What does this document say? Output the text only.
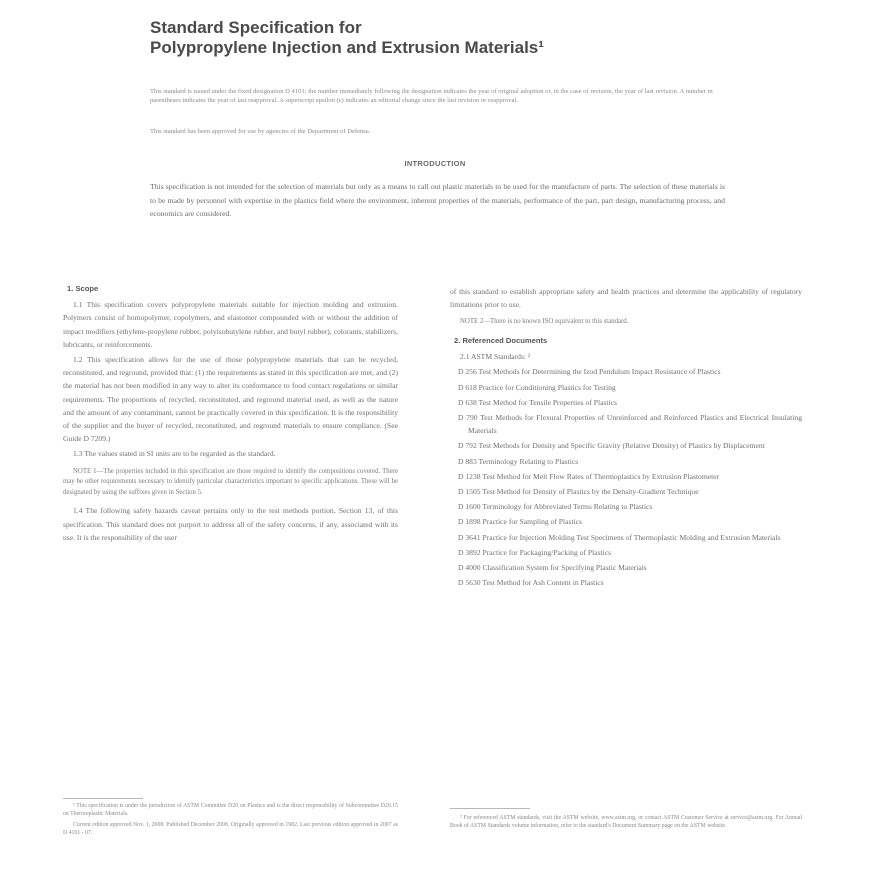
Standard Specification for
Polypropylene Injection and Extrusion Materials¹
This standard is issued under the fixed designation D 4101; the number immediately following the designation indicates the year of original adoption or, in the case of revision, the year of last revision. A number in parentheses indicates the year of last reapproval. A superscript epsilon (ε) indicates an editorial change since the last revision or reapproval.
This standard has been approved for use by agencies of the Department of Defense.
INTRODUCTION
This specification is not intended for the selection of materials but only as a means to call out plastic materials to be used for the manufacture of parts. The selection of these materials is to be made by personnel with expertise in the plastics field where the environment, inherent properties of the materials, performance of the part, part design, manufacturing process, and economics are considered.
1. Scope

1.1 This specification covers polypropylene materials suitable for injection molding and extrusion. Polymers consist of homopolymer, copolymers, and elastomer compounded with or without the addition of impact modifiers (ethylene-propylene rubber, polyisobutylene rubber, and butyl rubber), colorants, stabilizers, lubricants, or reinforcements.

1.2 This specification allows for the use of those polypropylene materials that can be recycled, reconstituted, and reground, provided that: (1) the requirements as stated in this specification are met, and (2) the material has not been modified in any way to alter its conformance to food contact regulations or similar requirements. The proportions of recycled, reconstituted, and reground material used, as well as the nature and the amount of any contaminant, cannot be practically covered in this specification. It is the responsibility of the supplier and the buyer of recycled, reconstituted, and reground materials to ensure compliance. (See Guide D 7209.)

1.3 The values stated in SI units are to be regarded as the standard.

NOTE 1—The properties included in this specification are those required to identify the compositions covered. There may be other requirements necessary to identify particular characteristics important to specific applications. These will be designated by using the suffixes given in Section 5.

1.4 The following safety hazards caveat pertains only to the test methods portion, Section 13, of this specification. This standard does not purport to address all of the safety concerns, if any, associated with its use. It is the responsibility of the user

of this standard to establish appropriate safety and health practices and determine the applicability of regulatory limitations prior to use.

NOTE 2—There is no known ISO equivalent to this standard.

2. Referenced Documents

2.1 ASTM Standards: ²

D 256 Test Methods for Determining the Izod Pendulum Impact Resistance of Plastics

D 618 Practice for Conditioning Plastics for Testing

D 638 Test Method for Tensile Properties of Plastics

D 790 Test Methods for Flexural Properties of Unreinforced and Reinforced Plastics and Electrical Insulating Materials

D 792 Test Methods for Density and Specific Gravity (Relative Density) of Plastics by Displacement

D 883 Terminology Relating to Plastics

D 1238 Test Method for Melt Flow Rates of Thermoplastics by Extrusion Plastometer

D 1505 Test Method for Density of Plastics by the Density-Gradient Technique

D 1600 Terminology for Abbreviated Terms Relating to Plastics

D 1898 Practice for Sampling of Plastics

D 3641 Practice for Injection Molding Test Specimens of Thermoplastic Molding and Extrusion Materials

D 3892 Practice for Packaging/Packing of Plastics

D 4000 Classification System for Specifying Plastic Materials

D 5630 Test Method for Ash Content in Plastics

¹ This specification is under the jurisdiction of ASTM Committee D20 on Plastics and is the direct responsibility of Subcommittee D20.15 on Thermoplastic Materials.

Current edition approved Nov. 1, 2008. Published December 2008. Originally approved in 1982. Last previous edition approved in 2007 as D 4101 - 07.

² For referenced ASTM standards, visit the ASTM website, www.astm.org, or contact ASTM Customer Service at service@astm.org. For Annual Book of ASTM Standards volume information, refer to the standard's Document Summary page on the ASTM website.
